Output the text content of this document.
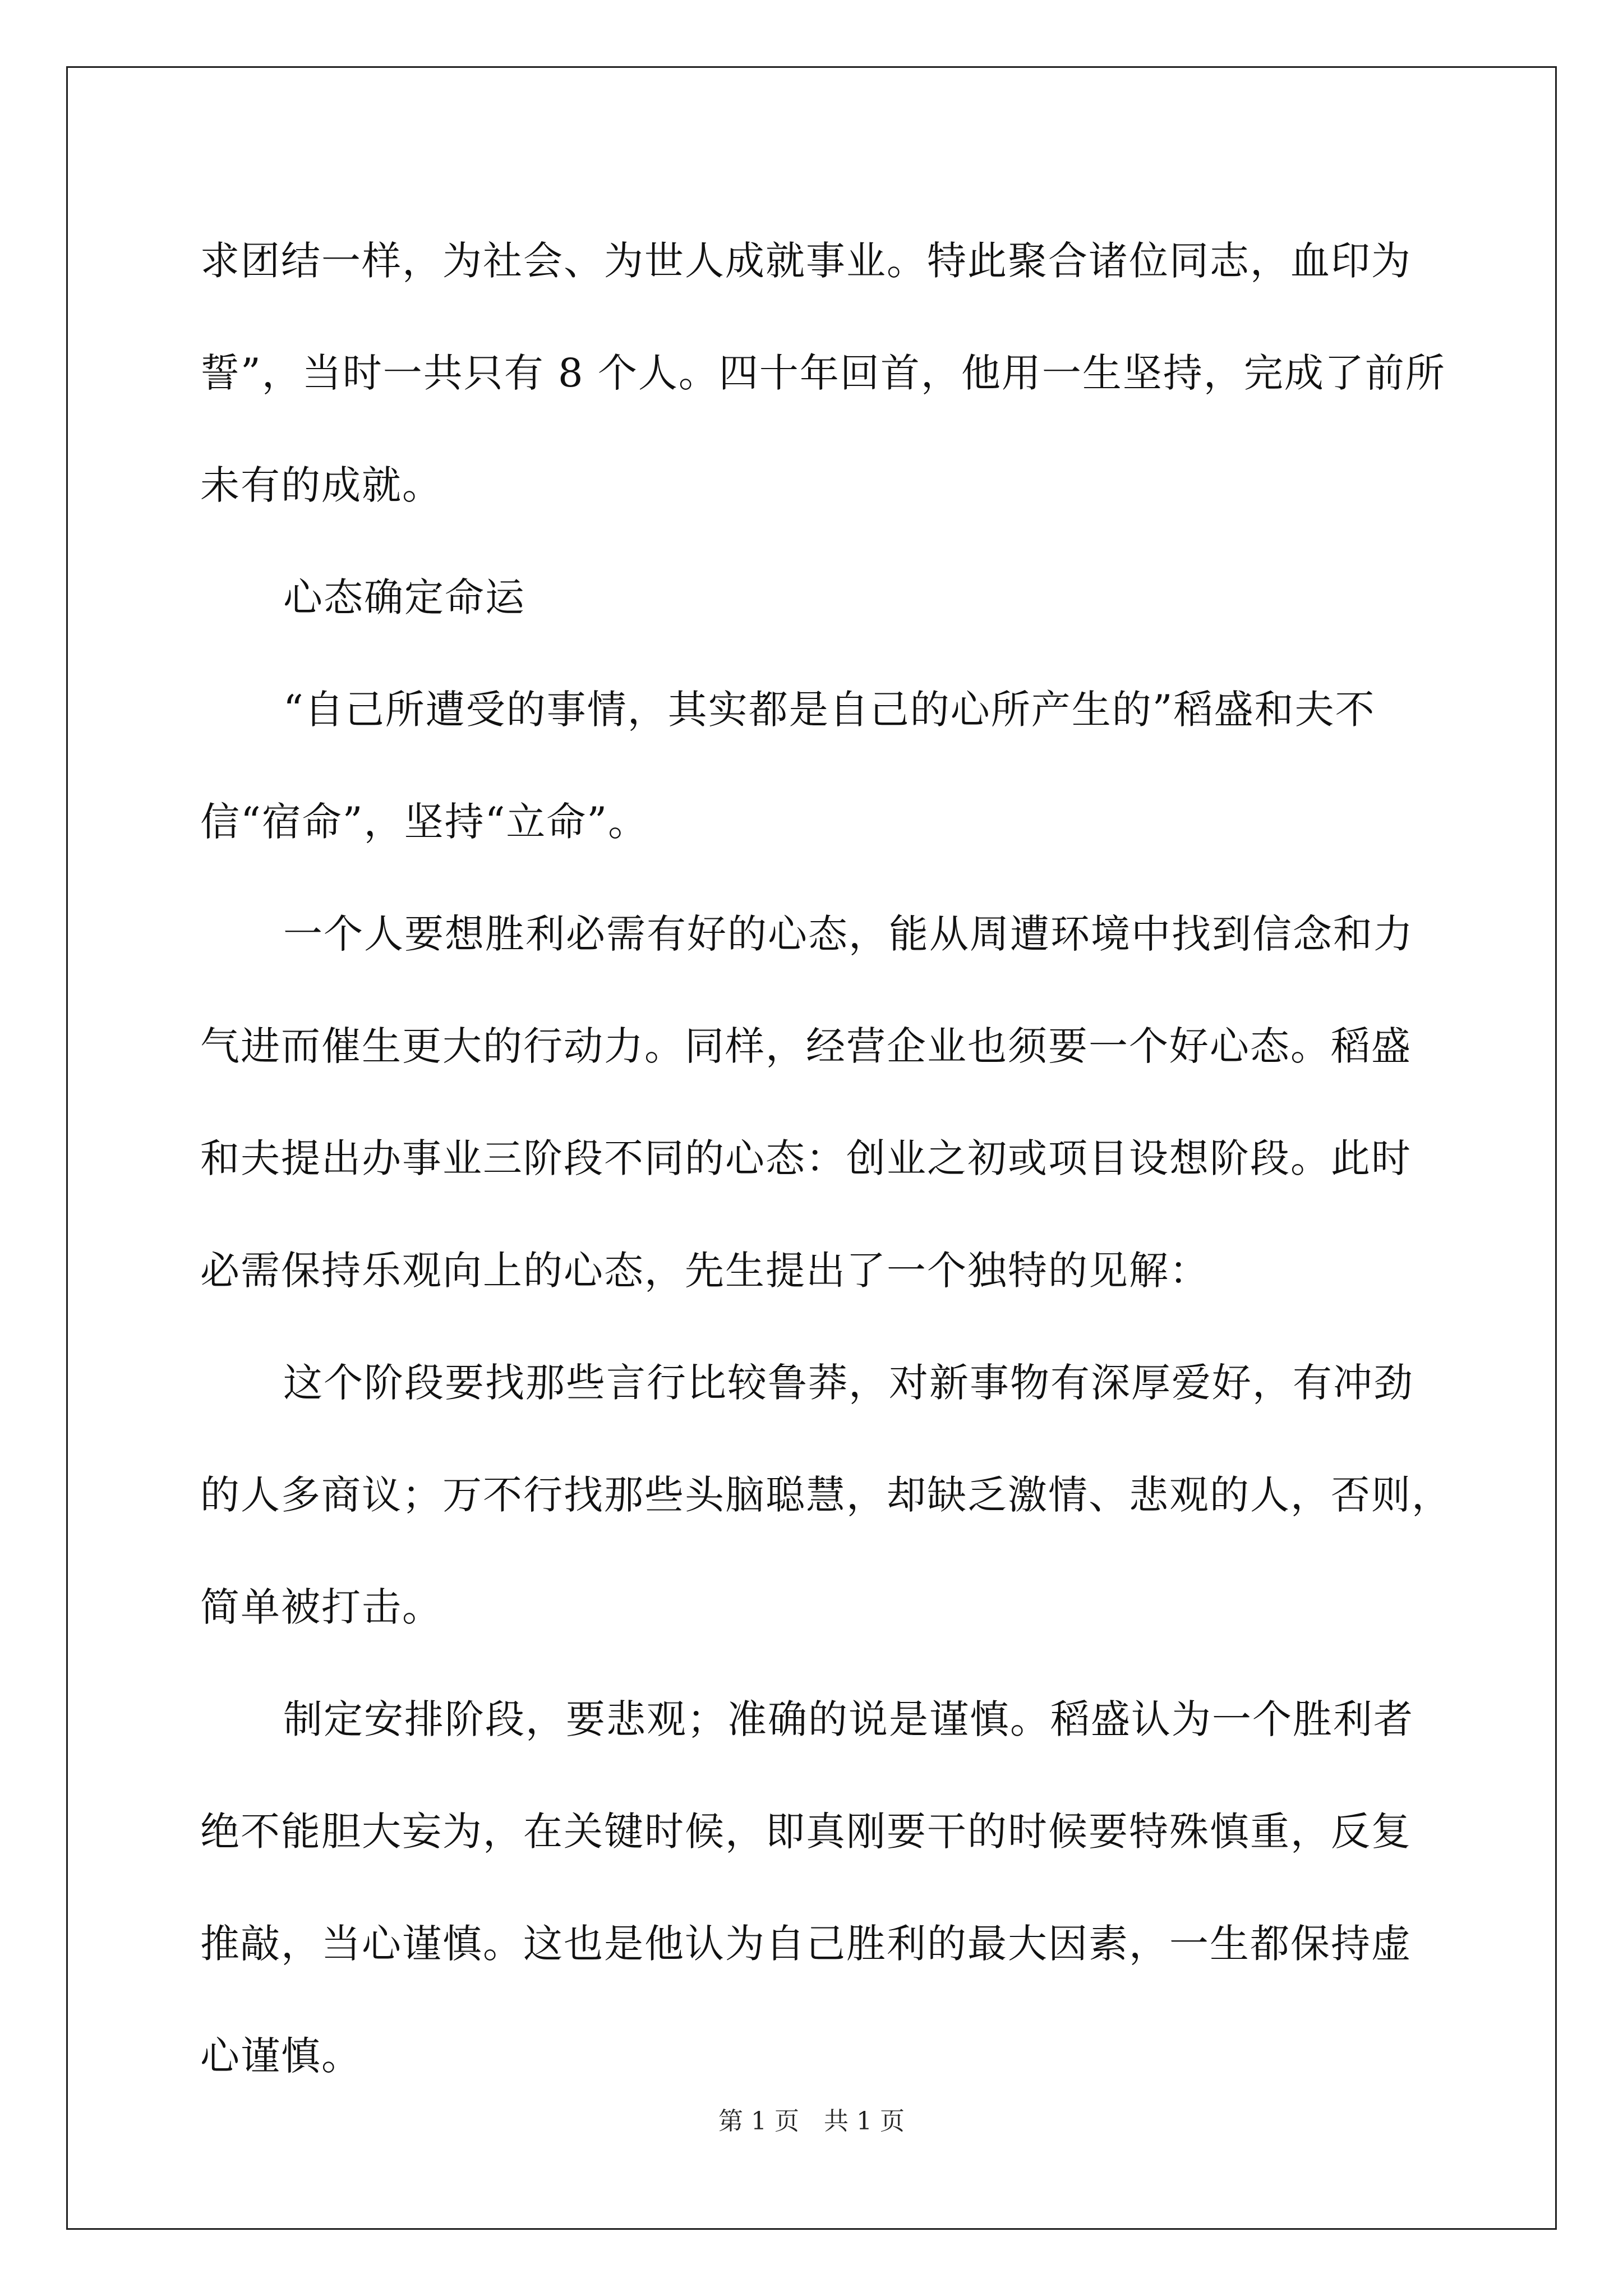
求团结一样，为社会、为世人成就事业。特此聚合诸位同志，血印为
誓”，当时一共只有 8 个人。四十年回首，他用一生坚持，完成了前所
未有的成就。
心态确定命运
“自己所遭受的事情，其实都是自己的心所产生的”稻盛和夫不
信“宿命”，坚持“立命”。
一个人要想胜利必需有好的心态，能从周遭环境中找到信念和力
气进而催生更大的行动力。同样，经营企业也须要一个好心态。稻盛
和夫提出办事业三阶段不同的心态：创业之初或项目设想阶段。此时
必需保持乐观向上的心态，先生提出了一个独特的见解：
这个阶段要找那些言行比较鲁莽，对新事物有深厚爱好，有冲劲
的人多商议；万不行找那些头脑聪慧，却缺乏激情、悲观的人，否则，
简单被打击。
制定安排阶段，要悲观；准确的说是谨慎。稻盛认为一个胜利者
绝不能胆大妄为，在关键时候，即真刚要干的时候要特殊慎重，反复
推敲，当心谨慎。这也是他认为自己胜利的最大因素，一生都保持虚
心谨慎。
第 1 页　共 1 页
